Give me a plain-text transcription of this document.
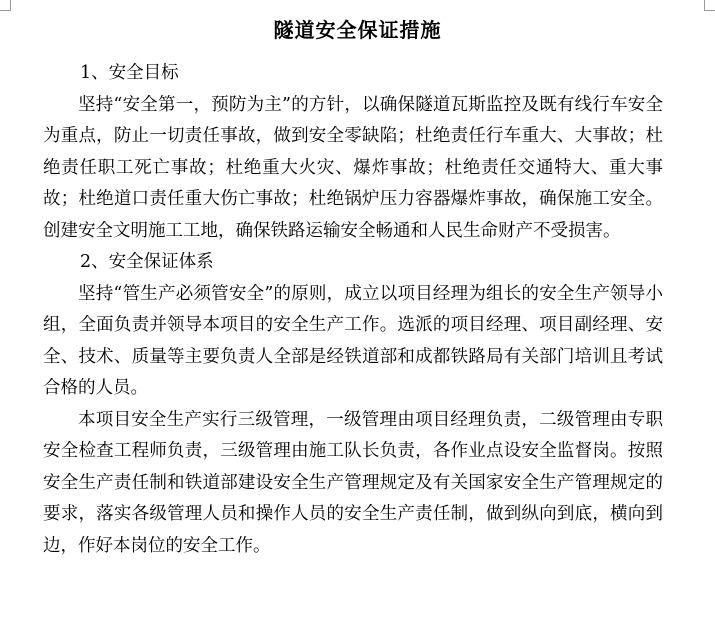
隧道安全保证措施

1、安全目标

坚持“安全第一，预防为主”的方针，以确保隧道瓦斯监控及既有线行车安全为重点，防止一切责任事故，做到安全零缺陷；杜绝责任行车重大、大事故；杜绝责任职工死亡事故；杜绝重大火灾、爆炸事故；杜绝责任交通特大、重大事故；杜绝道口责任重大伤亡事故；杜绝锅炉压力容器爆炸事故，确保施工安全。创建安全文明施工工地，确保铁路运输安全畅通和人民生命财产不受损害。

2、安全保证体系

坚持“管生产必须管安全”的原则，成立以项目经理为组长的安全生产领导小组，全面负责并领导本项目的安全生产工作。选派的项目经理、项目副经理、安全、技术、质量等主要负责人全部是经铁道部和成都铁路局有关部门培训且考试合格的人员。

本项目安全生产实行三级管理，一级管理由项目经理负责，二级管理由专职安全检查工程师负责，三级管理由施工队长负责，各作业点设安全监督岗。按照安全生产责任制和铁道部建设安全生产管理规定及有关国家安全生产管理规定的要求，落实各级管理人员和操作人员的安全生产责任制，做到纵向到底，横向到边，作好本岗位的安全工作。
